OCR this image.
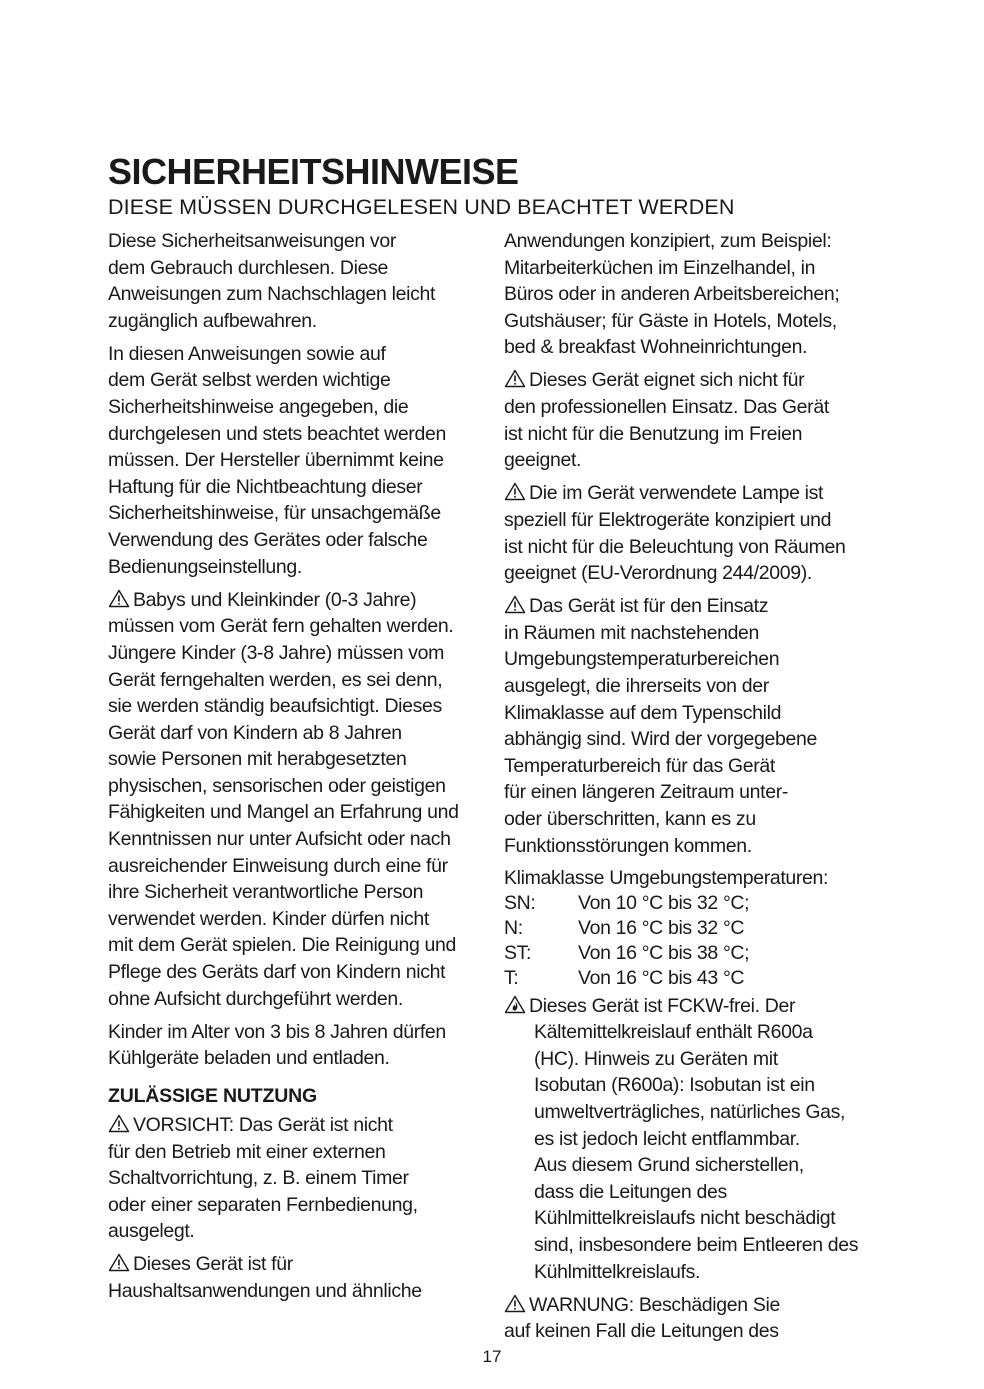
SICHERHEITSHINWEISE
DIESE MÜSSEN DURCHGELESEN UND BEACHTET WERDEN

Diese Sicherheitsanweisungen vor
dem Gebrauch durchlesen. Diese
Anweisungen zum Nachschlagen leicht
zugänglich aufbewahren.

In diesen Anweisungen sowie auf
dem Gerät selbst werden wichtige
Sicherheitshinweise angegeben, die
durchgelesen und stets beachtet werden
müssen. Der Hersteller übernimmt keine
Haftung für die Nichtbeachtung dieser
Sicherheitshinweise, für unsachgemäße
Verwendung des Gerätes oder falsche
Bedienungseinstellung.

Babys und Kleinkinder (0-3 Jahre)
müssen vom Gerät fern gehalten werden.
Jüngere Kinder (3-8 Jahre) müssen vom
Gerät ferngehalten werden, es sei denn,
sie werden ständig beaufsichtigt. Dieses
Gerät darf von Kindern ab 8 Jahren
sowie Personen mit herabgesetzten
physischen, sensorischen oder geistigen
Fähigkeiten und Mangel an Erfahrung und
Kenntnissen nur unter Aufsicht oder nach
ausreichender Einweisung durch eine für
ihre Sicherheit verantwortliche Person
verwendet werden. Kinder dürfen nicht
mit dem Gerät spielen. Die Reinigung und
Pflege des Geräts darf von Kindern nicht
ohne Aufsicht durchgeführt werden.

Kinder im Alter von 3 bis 8 Jahren dürfen
Kühlgeräte beladen und entladen.

ZULÄSSIGE NUTZUNG

VORSICHT: Das Gerät ist nicht
für den Betrieb mit einer externen
Schaltvorrichtung, z. B. einem Timer
oder einer separaten Fernbedienung,
ausgelegt.

Dieses Gerät ist für
Haushaltsanwendungen und ähnliche

Anwendungen konzipiert, zum Beispiel:
Mitarbeiterküchen im Einzelhandel, in
Büros oder in anderen Arbeitsbereichen;
Gutshäuser; für Gäste in Hotels, Motels,
bed & breakfast Wohneinrichtungen.

Dieses Gerät eignet sich nicht für
den professionellen Einsatz. Das Gerät
ist nicht für die Benutzung im Freien
geeignet.

Die im Gerät verwendete Lampe ist
speziell für Elektrogeräte konzipiert und
ist nicht für die Beleuchtung von Räumen
geeignet (EU-Verordnung 244/2009).

Das Gerät ist für den Einsatz
in Räumen mit nachstehenden
Umgebungstemperaturbereichen
ausgelegt, die ihrerseits von der
Klimaklasse auf dem Typenschild
abhängig sind. Wird der vorgegebene
Temperaturbereich für das Gerät
für einen längeren Zeitraum unter-
oder überschritten, kann es zu
Funktionsstörungen kommen.

Klimaklasse Umgebungstemperaturen:
SN: Von 10 °C bis 32 °C;
N:	Von 16 °C bis 32 °C
ST: Von 16 °C bis 38 °C;
T:	Von 16 °C bis 43 °C

Dieses Gerät ist FCKW-frei. Der
Kältemittelkreislauf enthält R600a
(HC). Hinweis zu Geräten mit
Isobutan (R600a): Isobutan ist ein
umweltverträgliches, natürliches Gas,
es ist jedoch leicht entflammbar.
Aus diesem Grund sicherstellen,
dass die Leitungen des
Kühlmittelkreislaufs nicht beschädigt
sind, insbesondere beim Entleeren des
Kühlmittelkreislaufs.

WARNUNG: Beschädigen Sie
auf keinen Fall die Leitungen des

17
